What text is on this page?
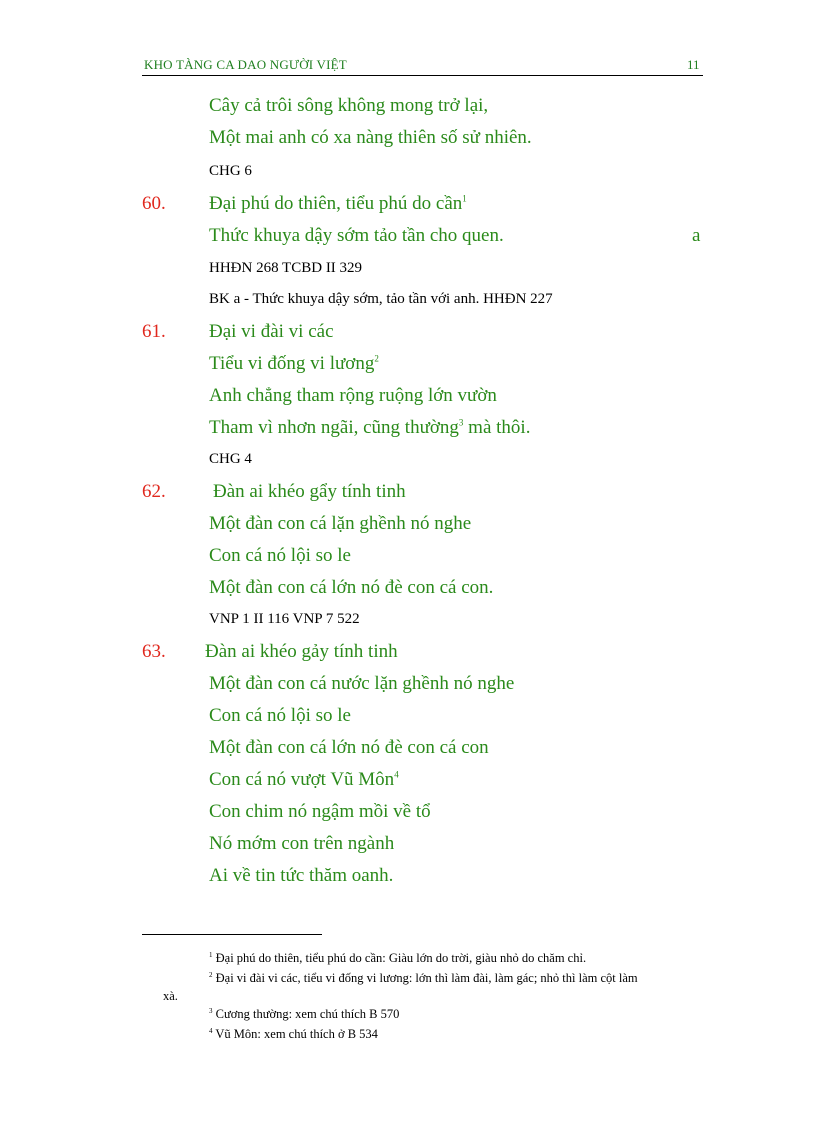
KHO TÀNG CA DAO NGƯỜI VIỆT	11
Cây cả trôi sông không mong trở lại,
Một mai anh có xa nàng thiên số sử nhiên.
CHG 6
60. Đại phú do thiên, tiểu phú do cần$^1$
Thức khuya dậy sớm tảo tần cho quen.	a
HHĐN 268 TCBD II 329
BK a - Thức khuya dậy sớm, tảo tần với anh. HHĐN 227
61. Đại vi đài vi các
Tiểu vi đống vi lương$^2$
Anh chẳng tham rộng ruộng lớn vườn
Tham vì nhơn ngãi, cũng thường$^3$ mà thôi.
CHG 4
62. Đàn ai khéo gẩy tính tinh
Một đàn con cá lặn ghềnh nó nghe
Con cá nó lội so le
Một đàn con cá lớn nó đè con cá con.
VNP 1 II 116 VNP 7 522
63. Đàn ai khéo gảy tính tinh
Một đàn con cá nước lặn ghềnh nó nghe
Con cá nó lội so le
Một đàn con cá lớn nó đè con cá con
Con cá nó vượt Vũ Môn$^4$
Con chim nó ngậm mồi về tổ
Nó mớm con trên ngành
Ai về tin tức thăm oanh.
$^1$ Đại phú do thiên, tiểu phú do cần: Giàu lớn do trời, giàu nhỏ do chăm chỉ.
$^2$ Đại vi đài vi các, tiểu vi đống vi lương: lớn thì làm đài, làm gác; nhỏ thì làm cột làm
xà.
$^3$ Cương thường: xem chú thích B 570
$^4$ Vũ Môn: xem chú thích ở B 534
